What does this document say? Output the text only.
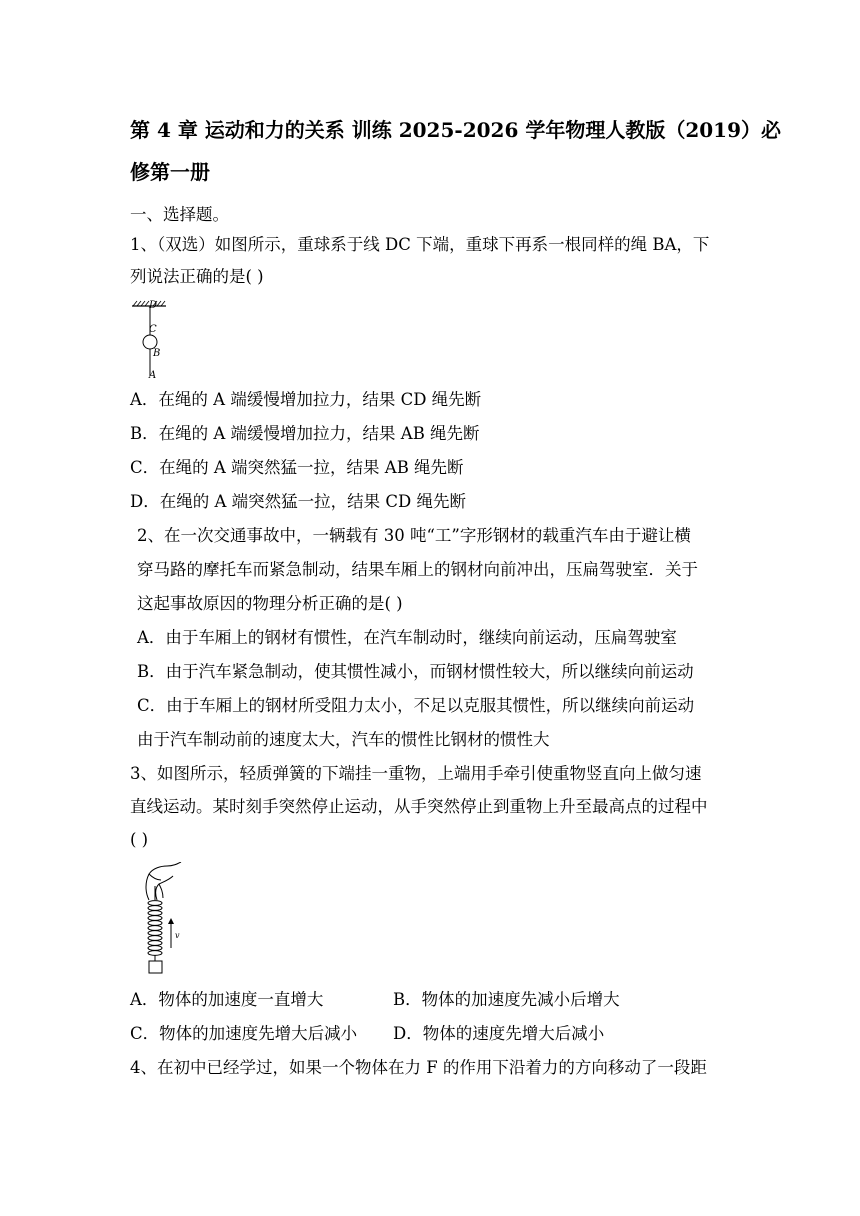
第 4 章 运动和力的关系 训练 2025-2026 学年物理人教版（2019）必
修第一册
一、选择题。
1、（双选）如图所示，重球系于线 DC 下端，重球下再系一根同样的绳 BA，下
列说法正确的是( )
D
C
B
A
A．在绳的 A 端缓慢增加拉力，结果 CD 绳先断
B．在绳的 A 端缓慢增加拉力，结果 AB 绳先断
C．在绳的 A 端突然猛一拉，结果 AB 绳先断
D．在绳的 A 端突然猛一拉，结果 CD 绳先断
2、在一次交通事故中，一辆载有 30 吨“工”字形钢材的载重汽车由于避让横
穿马路的摩托车而紧急制动，结果车厢上的钢材向前冲出，压扁驾驶室．关于
这起事故原因的物理分析正确的是( )
A．由于车厢上的钢材有惯性，在汽车制动时，继续向前运动，压扁驾驶室
B．由于汽车紧急制动，使其惯性减小，而钢材惯性较大，所以继续向前运动
C．由于车厢上的钢材所受阻力太小，不足以克服其惯性，所以继续向前运动
由于汽车制动前的速度太大，汽车的惯性比钢材的惯性大
3、如图所示，轻质弹簧的下端挂一重物，上端用手牵引使重物竖直向上做匀速
直线运动。某时刻手突然停止运动，从手突然停止到重物上升至最高点的过程中
( )
v
A．物体的加速度一直增大	B．物体的加速度先减小后增大
C．物体的加速度先增大后减小 D．物体的速度先增大后减小
4、在初中已经学过，如果一个物体在力 F 的作用下沿着力的方向移动了一段距
